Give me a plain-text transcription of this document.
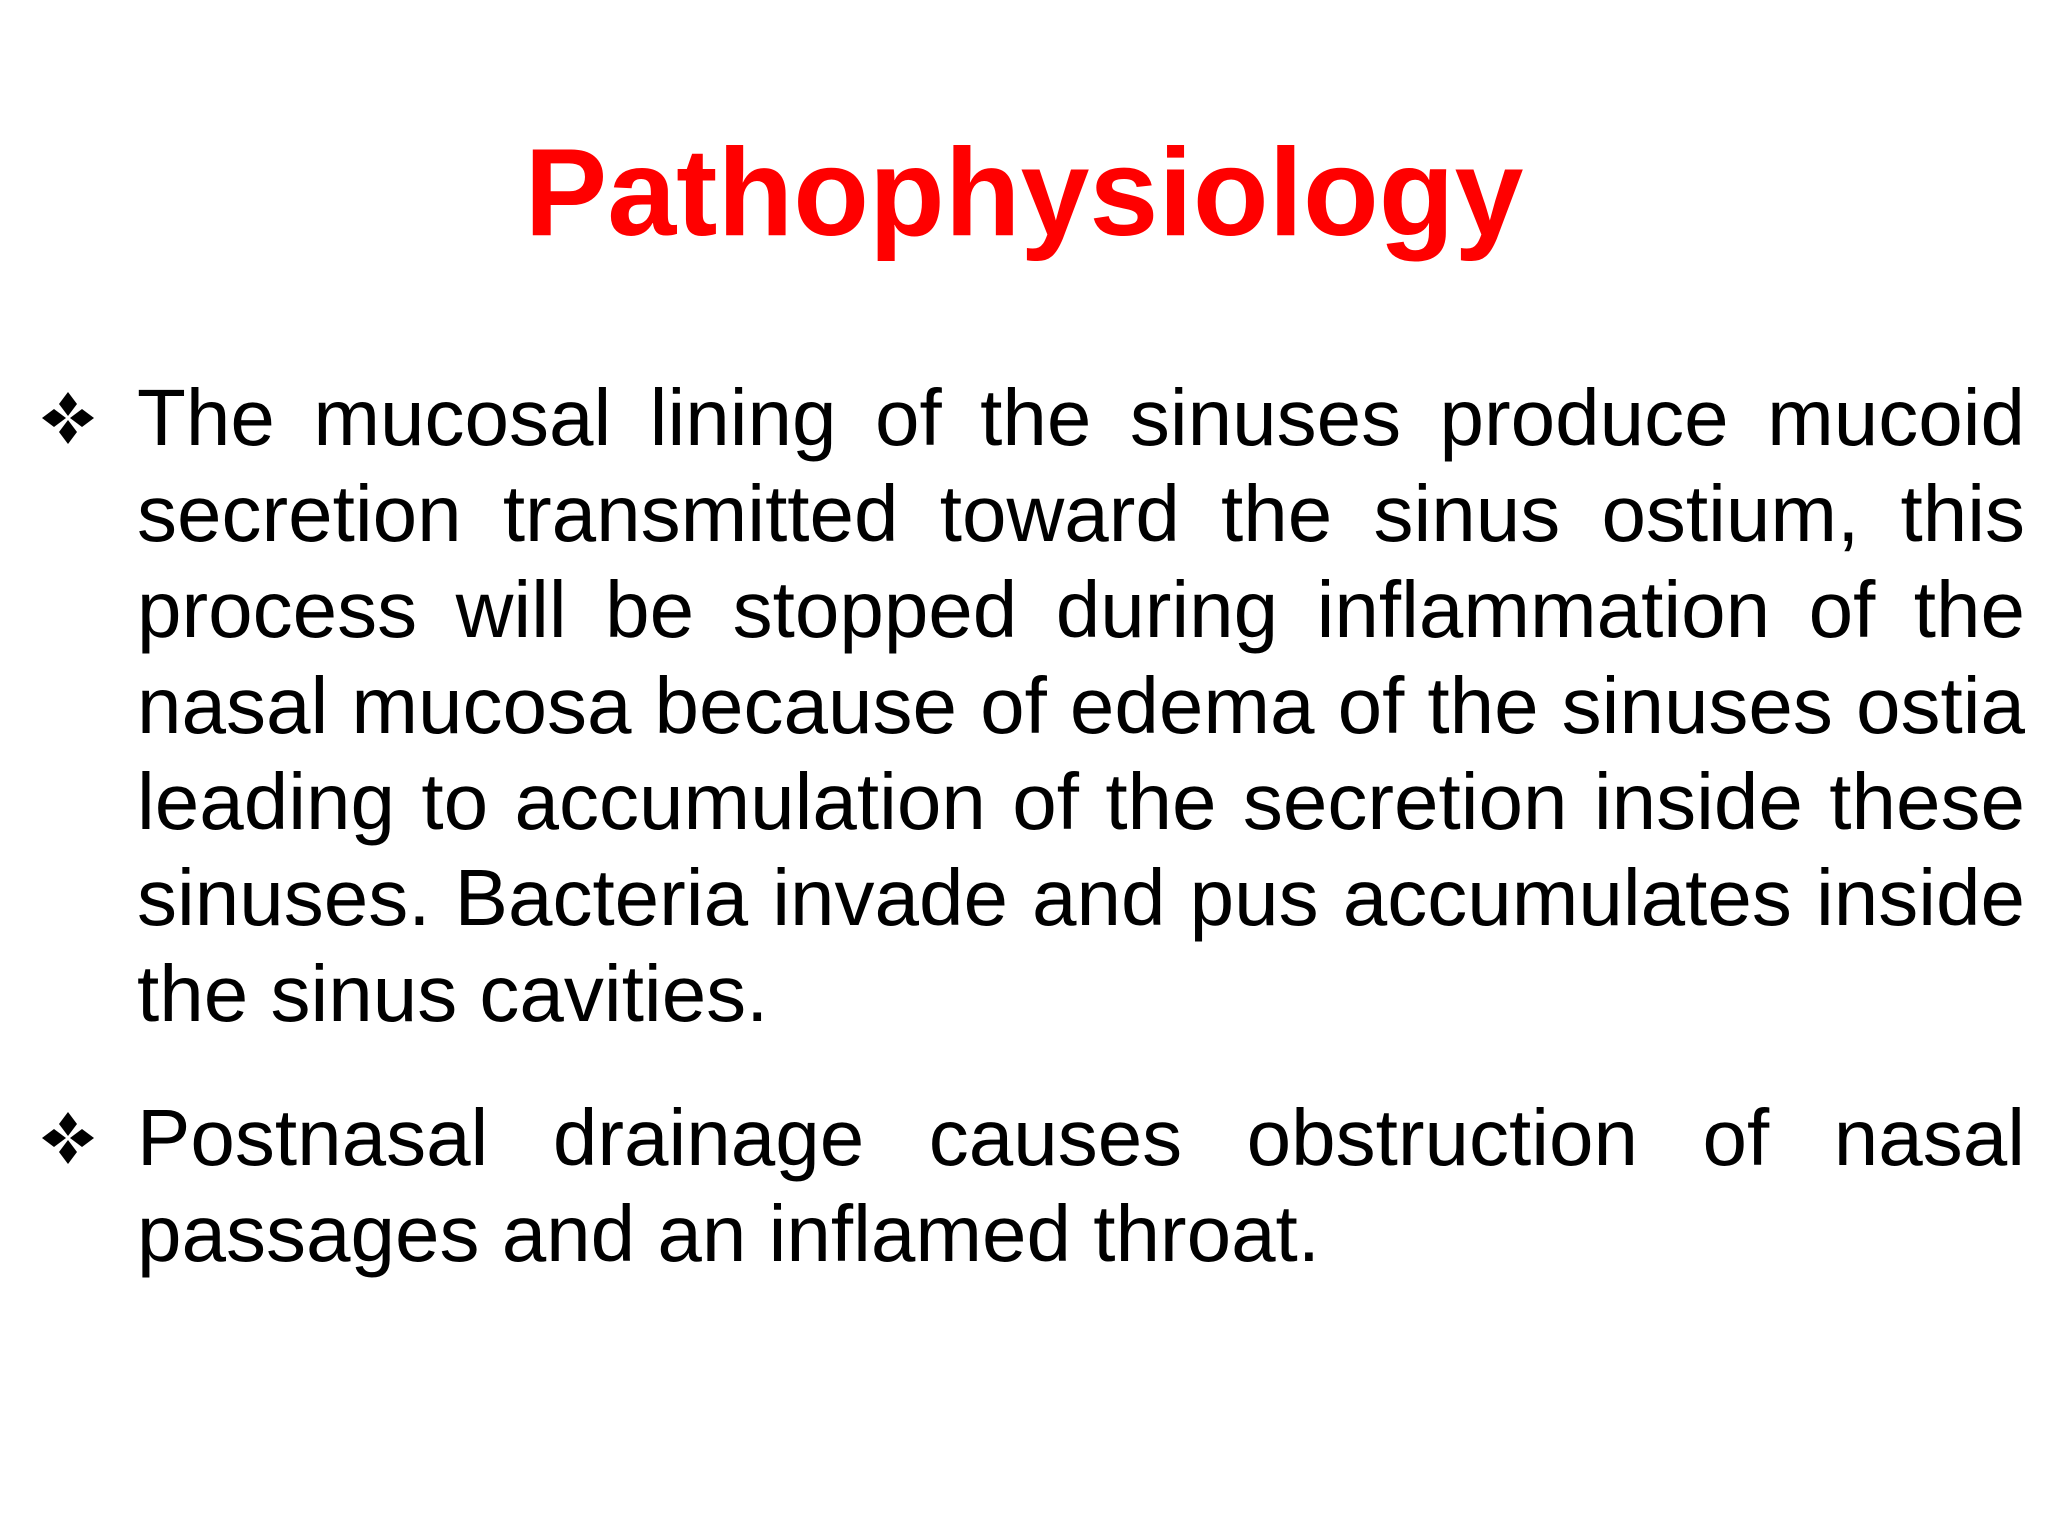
Pathophysiology

The mucosal lining of the sinuses produce mucoid secretion transmitted toward the sinus ostium, this process will be stopped during inflammation of the nasal mucosa because of edema of the sinuses ostia leading to accumulation of the secretion inside these sinuses. Bacteria invade and pus accumulates inside the sinus cavities.

Postnasal drainage causes obstruction of nasal passages and an inflamed throat.
